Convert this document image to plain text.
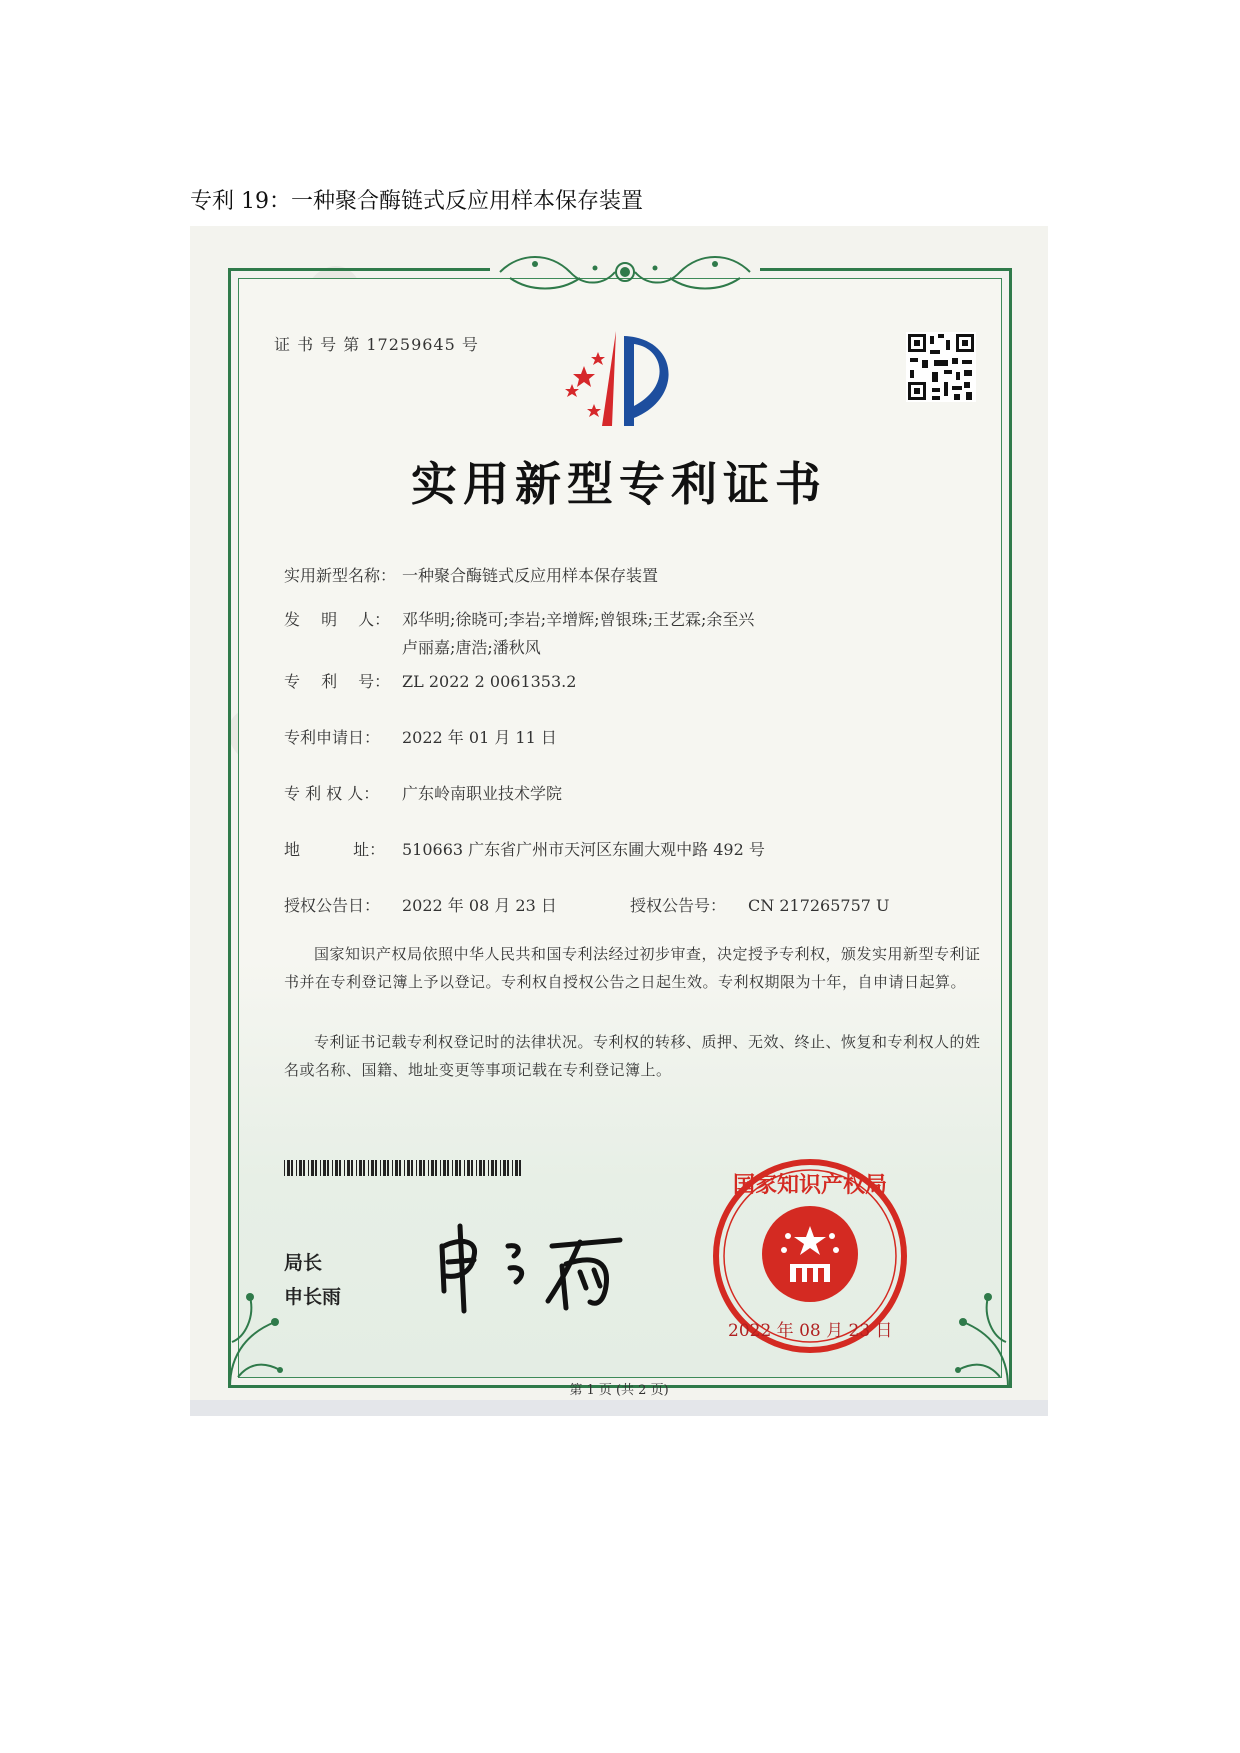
专利 19：一种聚合酶链式反应用样本保存装置
证 书 号 第 17259645 号
实用新型专利证书
实用新型名称： 一种聚合酶链式反应用样本保存装置
发　 明　 人： 邓华明;徐晓可;李岩;辛增辉;曾银珠;王艺霖;余至兴
卢丽嘉;唐浩;潘秋风
专　 利　 号： ZL 2022 2 0061353.2
专利申请日： 2022 年 01 月 11 日
专 利 权 人： 广东岭南职业技术学院
地　　　 址： 510663 广东省广州市天河区东圃大观中路 492 号
授权公告日： 2022 年 08 月 23 日	授权公告号： CN 217265757 U
国家知识产权局依照中华人民共和国专利法经过初步审查，决定授予专利权，颁发实用新型专利证书并在专利登记簿上予以登记。专利权自授权公告之日起生效。专利权期限为十年，自申请日起算。
专利证书记载专利权登记时的法律状况。专利权的转移、质押、无效、终止、恢复和专利权人的姓名或名称、国籍、地址变更等事项记载在专利登记簿上。
局长
申长雨
国家知识产权局
2022 年 08 月 23 日
第 1 页 (共 2 页)
